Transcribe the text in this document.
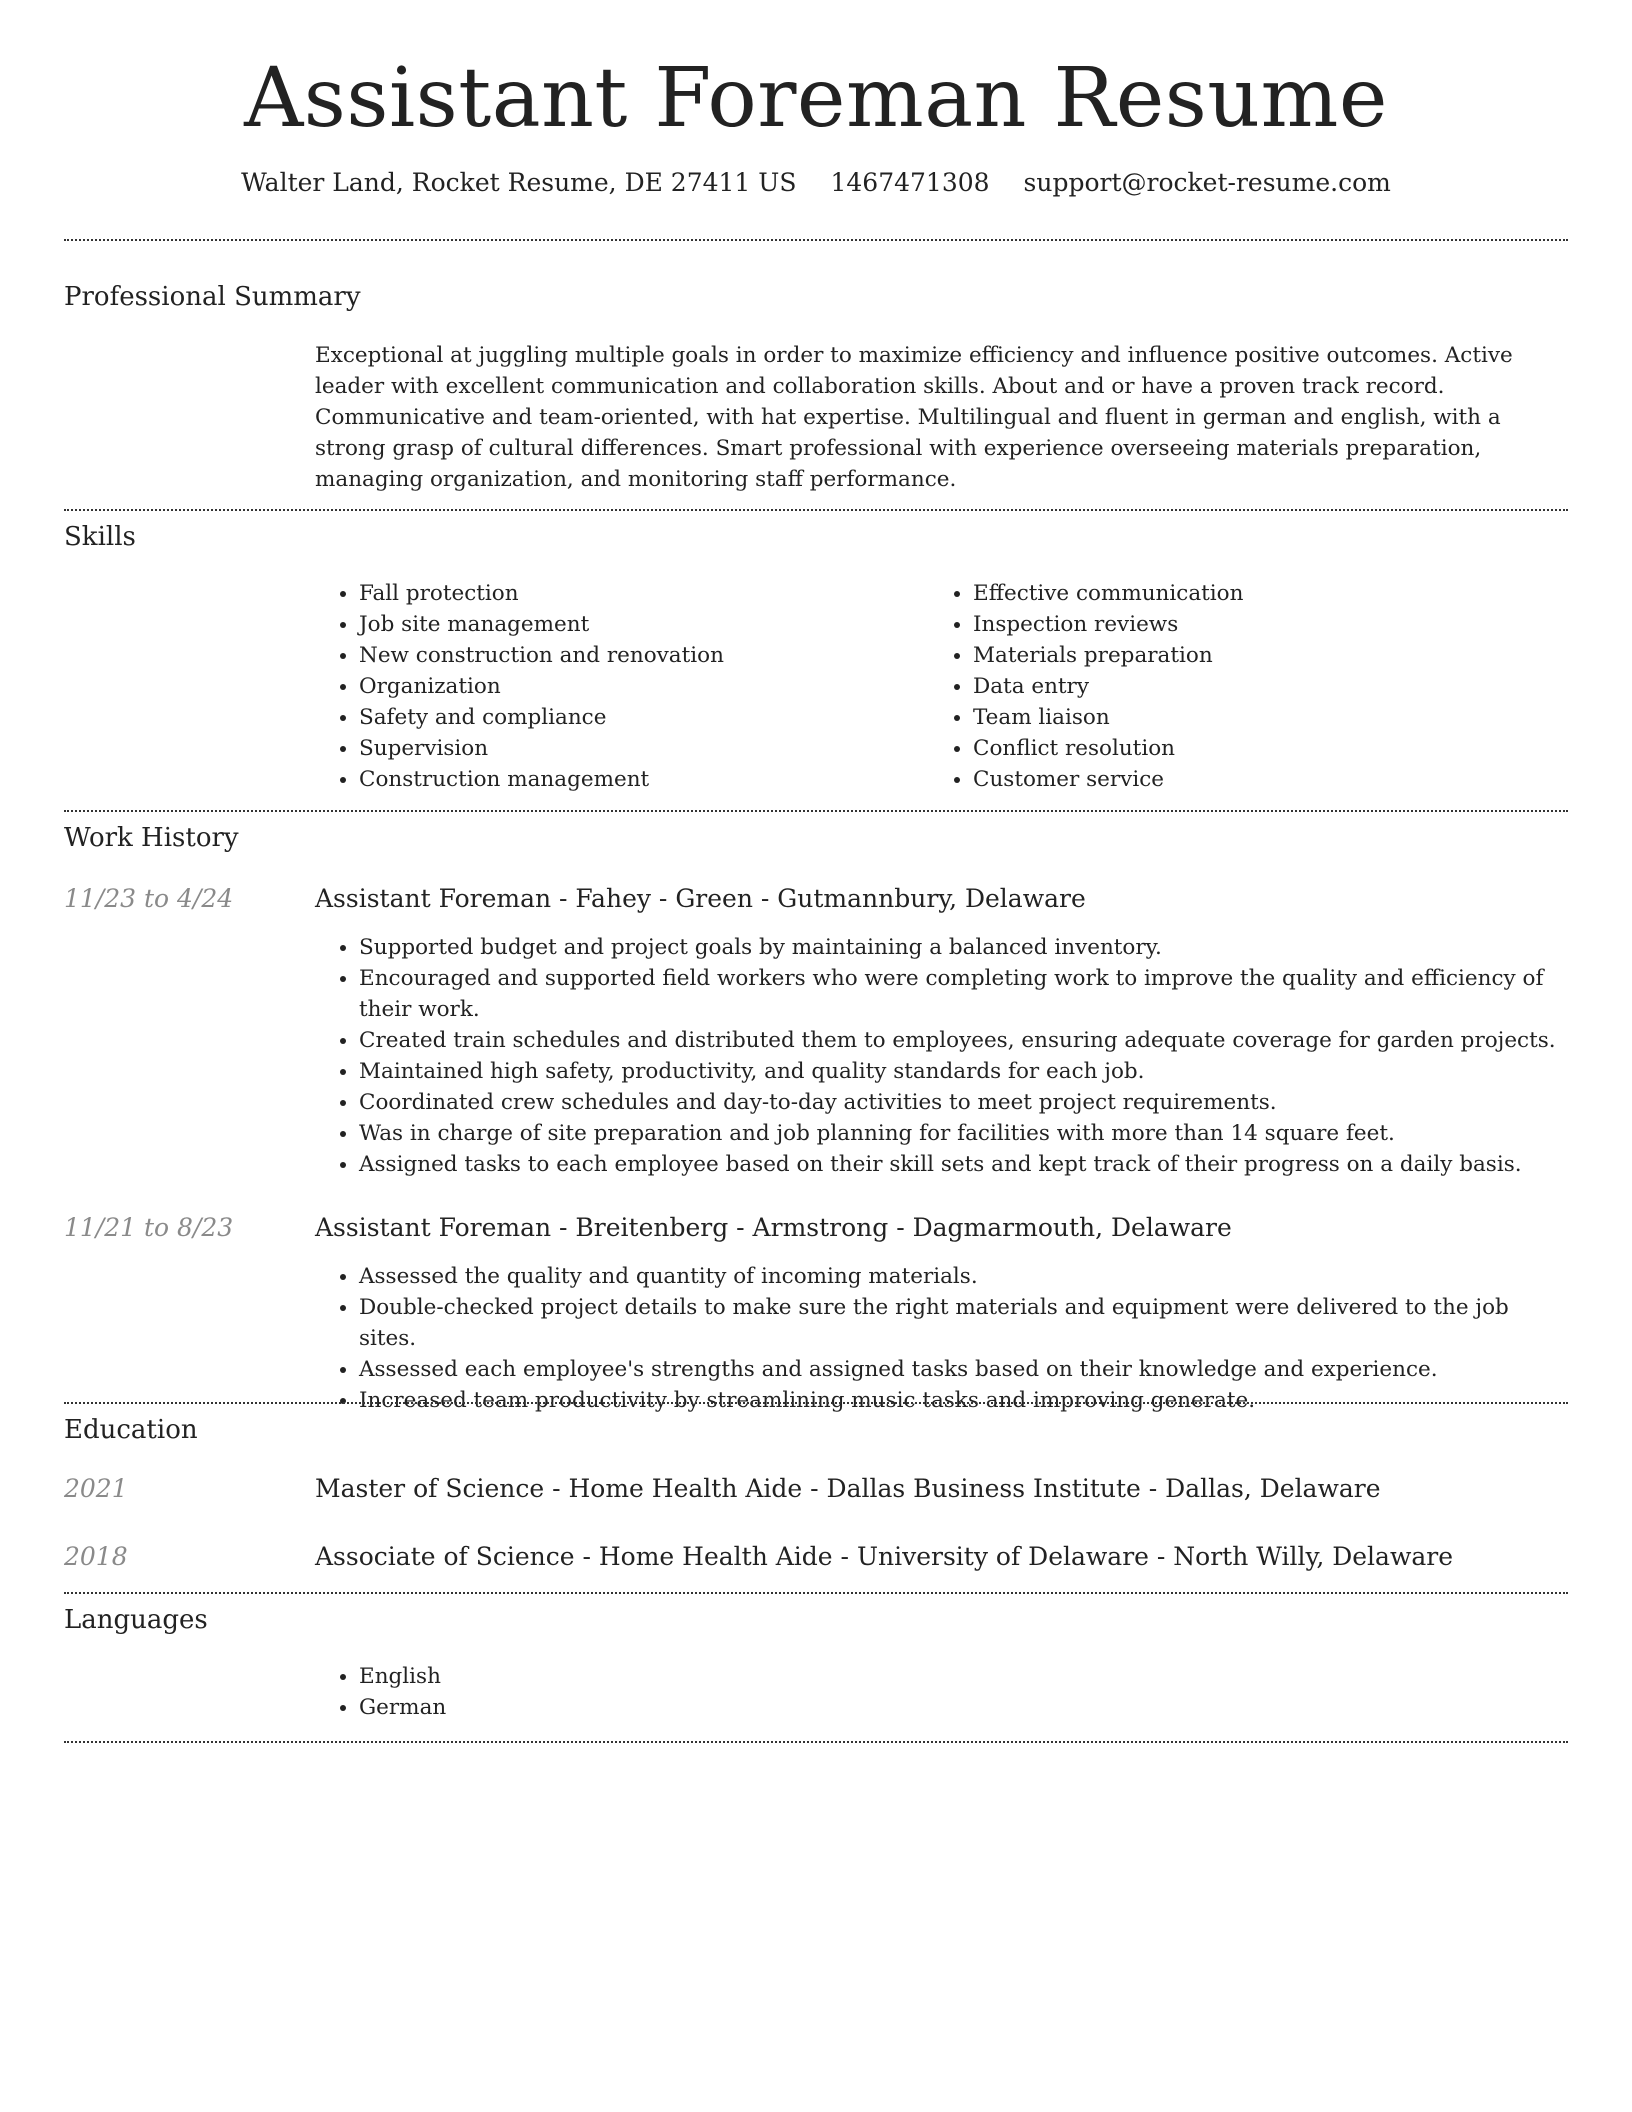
Assistant Foreman Resume
Walter Land, Rocket Resume, DE 27411 US 1467471308 support@rocket-resume.com
Professional Summary

Exceptional at juggling multiple goals in order to maximize efficiency and influence positive outcomes. Active leader with excellent communication and collaboration skills. About and or have a proven track record. Communicative and team-oriented, with hat expertise. Multilingual and fluent in german and english, with a strong grasp of cultural differences. Smart professional with experience overseeing materials preparation, managing organization, and monitoring staff performance.

Skills
• Fall protection
• Job site management
• New construction and renovation
• Organization
• Safety and compliance
• Supervision
• Construction management
• Effective communication
• Inspection reviews
• Materials preparation
• Data entry
• Team liaison
• Conflict resolution
• Customer service
Work History
11/23 to 4/24	Assistant Foreman - Fahey - Green - Gutmannbury, Delaware
• Supported budget and project goals by maintaining a balanced inventory.
• Encouraged and supported field workers who were completing work to improve the quality and efficiency of their work.
• Created train schedules and distributed them to employees, ensuring adequate coverage for garden projects.
• Maintained high safety, productivity, and quality standards for each job.
• Coordinated crew schedules and day-to-day activities to meet project requirements.
• Was in charge of site preparation and job planning for facilities with more than 14 square feet.
• Assigned tasks to each employee based on their skill sets and kept track of their progress on a daily basis.
11/21 to 8/23	Assistant Foreman - Breitenberg - Armstrong - Dagmarmouth, Delaware
• Assessed the quality and quantity of incoming materials.
• Double-checked project details to make sure the right materials and equipment were delivered to the job sites.
• Assessed each employee's strengths and assigned tasks based on their knowledge and experience.
• Increased team productivity by streamlining music tasks and improving generate.
Education
2021	Master of Science - Home Health Aide - Dallas Business Institute - Dallas, Delaware
2018	Associate of Science - Home Health Aide - University of Delaware - North Willy, Delaware
Languages
• English
• German
